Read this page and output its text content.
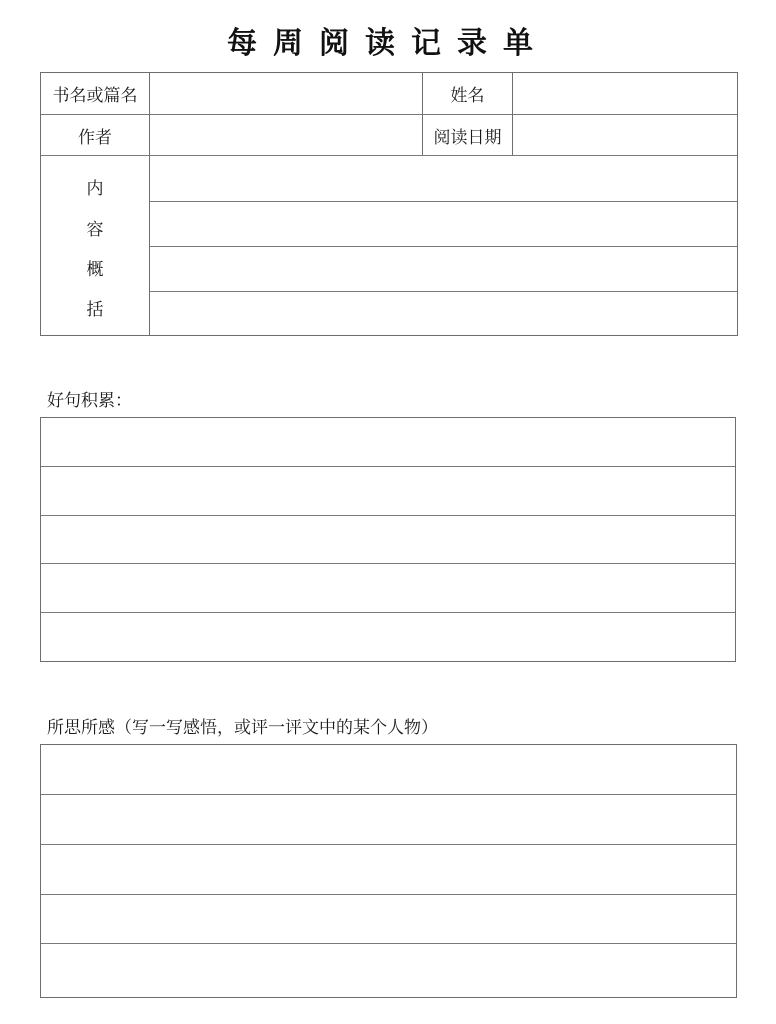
每周阅读记录单
书名或篇名	姓名
作者	阅读日期
内
容
概
括
好句积累：
所思所感（写一写感悟，或评一评文中的某个人物）
